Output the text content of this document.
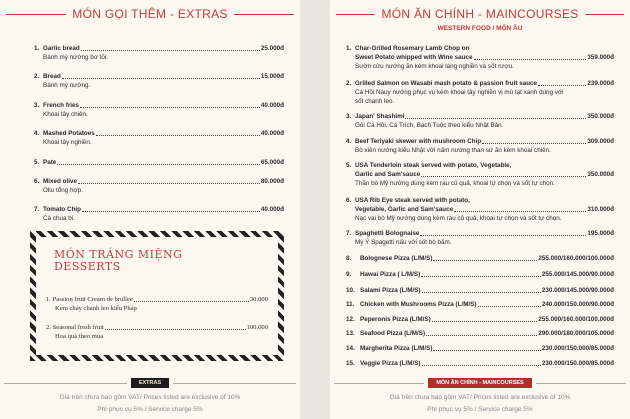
MÓN GỌI THÊM - EXTRAS
1. Garlic bread	25.000đ
Bánh mỳ nướng bơ tỏi.
2. Bread	15.000đ
Bánh mỳ nướng.
3. French fries	40.000đ
Khoai tây chiên.
4. Mashed Potatoes	40.000đ
Khoai tây nghiền.
5. Pate	65.000đ
6. Mixed olive	80.000đ
Oliu tổng hợp.
7. Tomato Chip	40.000đ
Cà chua bi.
MÓN TRÁNG MIỆNG
DESSERTS
1.
Passion fruit Cream de brullee	30.000
Kem cháy chanh leo kiểu Pháp
2.
Seasonal fresh fruit	100.000
Hoa quả theo mùa
EXTRAS
Giá trên chưa bao gồm VAT/ Prices listed are exclusive of 10%
Phí phục vụ 5% / Service charge 5%
MÓN ĂN CHÍNH - MAINCOURSES
WESTERN FOOD / MÓN ÂU
1. Char-Grilled Rosemary Lamb Chop on
Sweet Potato whipped with Wine sauce	359.000đ
Sườn cừu nướng ăn kèm khoai lang nghiền và sốt rượu.
2. Grilled Salmon on Wasabi mash potato & passion fruit sauce	239.000đ
Cá Hồi Nauy nướng phục vụ kèm khoai tây nghiền vị mù tạt xanh dùng với
sốt chanh leo.
3. Japan' Shashimi	350.000đ
Gỏi Cá Hồi, Cá Trích, Bạch Tuộc theo kiểu Nhật Bản.
4. Beef Teriyaki skewer with mushroom Chip	309.000đ
Bò xiên nướng kiểu Nhật với nấm nướng than sứ ăn kèm khoai chiên.
5. USA Tenderloin steak served with potato, Vegetable,
Garlic and Sam'sauce	350.000đ
Thăn bò Mỹ nướng dùng kèm rau củ quả, khoai tự chọn và sốt tự chọn.
6. USA Rib Eye steak served with potato,
Vegetable, Garlic and Sam'sauce	310.000đ
Nạc vai bò Mỹ nướng dùng kèm rau củ quả, khoai tự chọn và sốt tự chọn.
7. Spaghetti Bolognaise	195.000đ
Mỳ Ý Spagetti nấu với sốt bò băm.
8.	Bolognese Pizza (L/M/S)	255.000/160.000/100.000đ
9.	Hawai Pizza ( L/M/S)	255.000/145.000/90.000đ
10. Salami Pizza (L/M/S)	230.000/145.000/90.000đ
11. Chicken with Mushrooms Pizza (L/M/S)	240.000/150.000/90.000đ
12. Peperonis Pizza (L/M/S)	255.000/160.000/100.000đ
13. Seafood Pizza (L/M/S)	290.000/180.000/105.000đ
14. Margherita Pizza (L/M/S)	230.000/150.000/85.000đ
15. Veggie Pizza (L/M/S)	230.000/150.000/85.000đ
MÓN ĂN CHÍNH - MAINCOURSES
Giá trên chưa bao gồm VAT/ Prices listed are exclusive of 10%
Phí phục vụ 5% / Service charge 5%
